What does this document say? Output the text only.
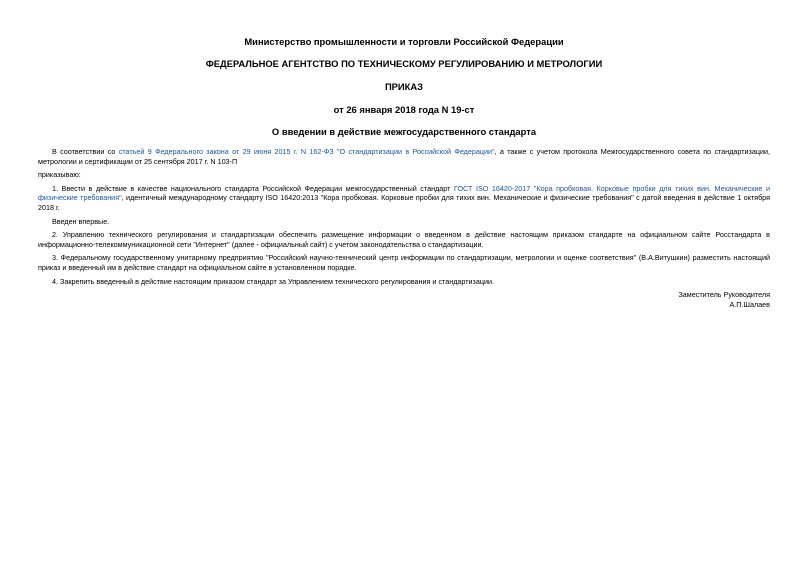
Министерство промышленности и торговли Российской Федерации
ФЕДЕРАЛЬНОЕ АГЕНТСТВО ПО ТЕХНИЧЕСКОМУ РЕГУЛИРОВАНИЮ И МЕТРОЛОГИИ
ПРИКАЗ
от 26 января 2018 года N 19-ст
О введении в действие межгосударственного стандарта

В соответствии со статьей 9 Федерального закона от 29 июня 2015 г. N 162-ФЗ "О стандартизации в Российской Федерации", а также с учетом протокола Межгосударственного совета по стандартизации, метрологии и сертификации от 25 сентября 2017 г. N 103-П

приказываю:

1. Ввести в действие в качестве национального стандарта Российской Федерации межгосударственный стандарт ГОСТ ISO 16420-2017 "Кора пробковая. Корковые пробки для тихих вин. Механические и физические требования", идентичный международному стандарту ISO 16420:2013 "Кора пробковая. Корковые пробки для тихих вин. Механические и физические требования" с датой введения в действие 1 октября 2018 г.

Введен впервые.

2. Управлению технического регулирования и стандартизации обеспечить размещение информации о введенном в действие настоящим приказом стандарте на официальном сайте Росстандарта в информационно-телекоммуникационной сети "Интернет" (далее - официальный сайт) с учетом законодательства о стандартизации.

3. Федеральному государственному унитарному предприятию "Российский научно-технический центр информации по стандартизации, метрологии и оценке соответствия" (В.А.Витушкин) разместить настоящий приказ и введенный им в действие стандарт на официальном сайте в установленном порядке.

4. Закрепить введенный в действие настоящим приказом стандарт за Управлением технического регулирования и стандартизации.

Заместитель Руководителя
А.П.Шалаев
